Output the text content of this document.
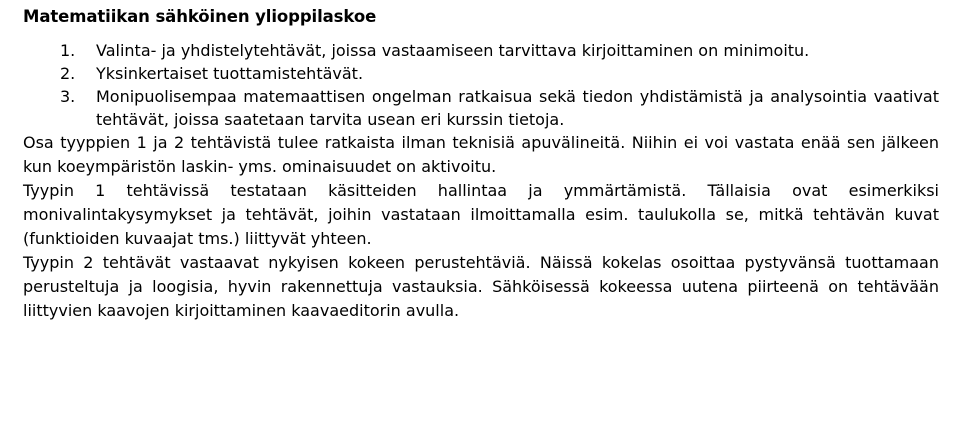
Matematiikan sähköinen ylioppilaskoe
1. Valinta- ja yhdistelytehtävät, joissa vastaamiseen tarvittava kirjoittaminen on minimoitu.
2. Yksinkertaiset tuottamistehtävät.
3. Monipuolisempaa matemaattisen ongelman ratkaisua sekä tiedon yhdistämistä ja analysointia vaativat tehtävät, joissa saatetaan tarvita usean eri kurssin tietoja.

Osa tyyppien 1 ja 2 tehtävistä tulee ratkaista ilman teknisiä apuvälineitä. Niihin ei voi vastata enää sen jälkeen kun koeympäristön laskin- yms. ominaisuudet on aktivoitu.

Tyypin 1 tehtävissä testataan käsitteiden hallintaa ja ymmärtämistä. Tällaisia ovat esimerkiksi monivalintakysymykset ja tehtävät, joihin vastataan ilmoittamalla esim. taulukolla se, mitkä tehtävän kuvat (funktioiden kuvaajat tms.) liittyvät yhteen.

Tyypin 2 tehtävät vastaavat nykyisen kokeen perustehtäviä. Näissä kokelas osoittaa pystyvänsä tuottamaan perusteltuja ja loogisia, hyvin rakennettuja vastauksia. Sähköisessä kokeessa uutena piirteenä on tehtävään liittyvien kaavojen kirjoittaminen kaavaeditorin avulla.
